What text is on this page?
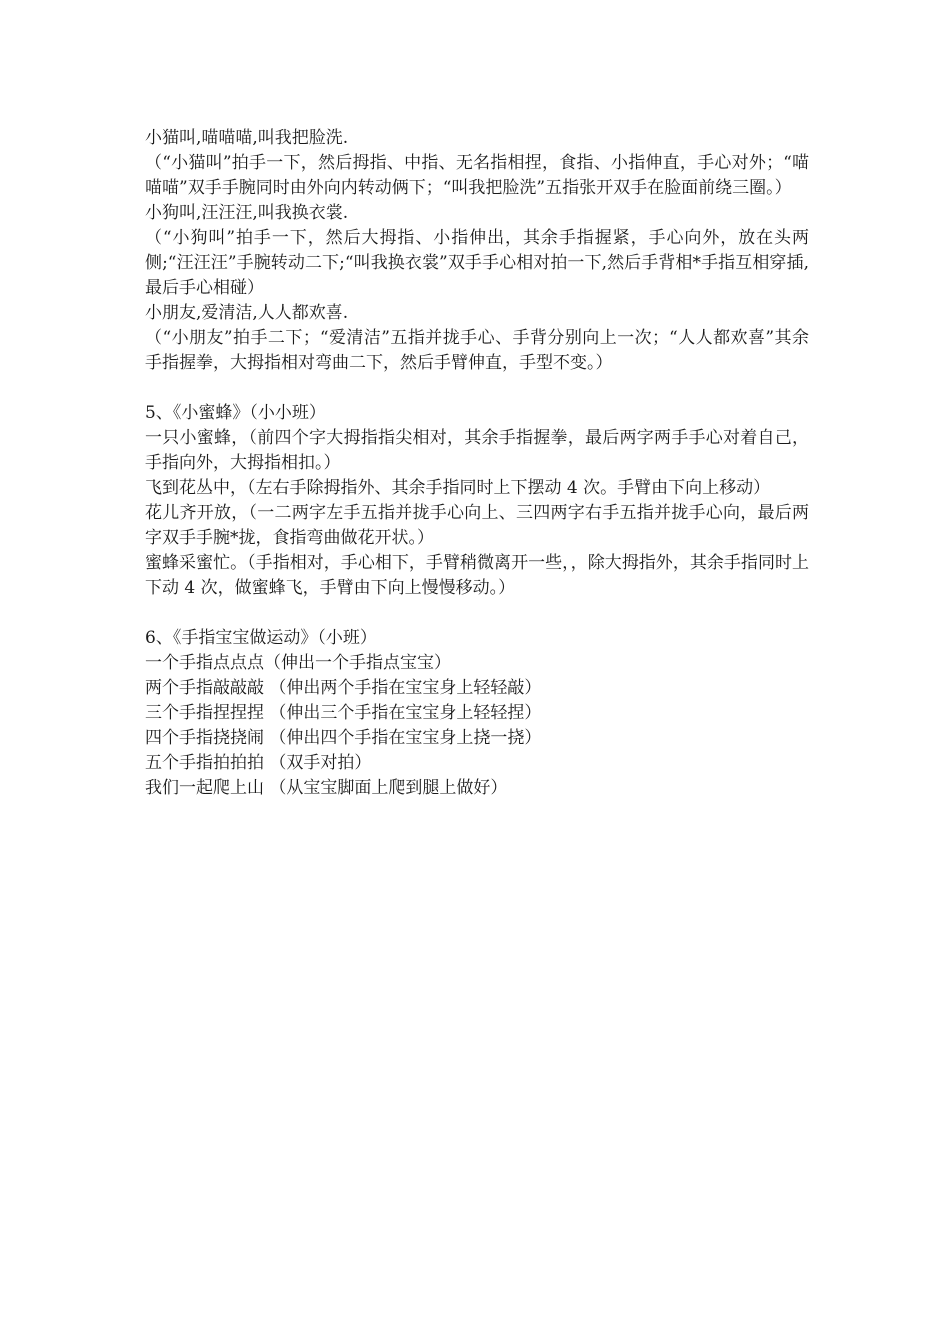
小猫叫,喵喵喵,叫我把脸洗.

（“小猫叫”拍手一下，然后拇指、中指、无名指相捏，食指、小指伸直，手心对外；“喵喵喵”双手手腕同时由外向内转动俩下；“叫我把脸洗”五指张开双手在脸面前绕三圈。）

小狗叫,汪汪汪,叫我换衣裳.

（“小狗叫”拍手一下，然后大拇指、小指伸出，其余手指握紧，手心向外，放在头两侧;“汪汪汪”手腕转动二下;“叫我换衣裳”双手手心相对拍一下,然后手背相*手指互相穿插,最后手心相碰）

小朋友,爱清洁,人人都欢喜.

（“小朋友”拍手二下；“爱清洁”五指并拢手心、手背分别向上一次；“人人都欢喜”其余手指握拳，大拇指相对弯曲二下，然后手臂伸直，手型不变。）

5、《小蜜蜂》（小小班）

一只小蜜蜂，（前四个字大拇指指尖相对，其余手指握拳，最后两字两手手心对着自己，手指向外，大拇指相扣。）

飞到花丛中，（左右手除拇指外、其余手指同时上下摆动 4 次。手臂由下向上移动）

花儿齐开放，（一二两字左手五指并拢手心向上、三四两字右手五指并拢手心向，最后两字双手手腕*拢，食指弯曲做花开状。）

蜜蜂采蜜忙。（手指相对，手心相下，手臂稍微离开一些，，除大拇指外，其余手指同时上下动 4 次，做蜜蜂飞，手臂由下向上慢慢移动。）

6、《手指宝宝做运动》（小班）

一个手指点点点（伸出一个手指点宝宝）

两个手指敲敲敲 （伸出两个手指在宝宝身上轻轻敲）

三个手指捏捏捏 （伸出三个手指在宝宝身上轻轻捏）

四个手指挠挠闹 （伸出四个手指在宝宝身上挠一挠）

五个手指拍拍拍 （双手对拍）

我们一起爬上山 （从宝宝脚面上爬到腿上做好）
